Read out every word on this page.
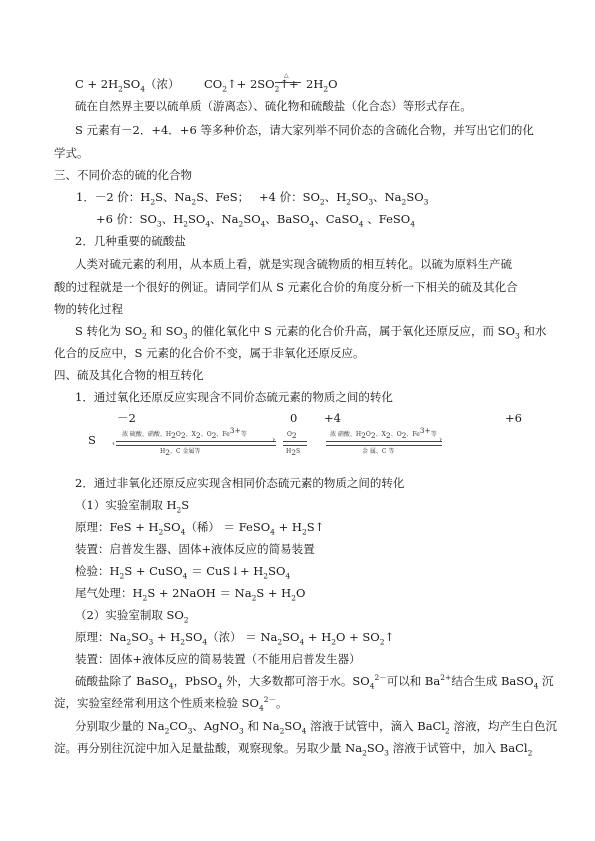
$C + 2H_2SO_4$（浓） $CO_2↑+$ $2SO_2↑+$
△
$2H_2O$
硫在自然界主要以硫单质（游离态）、硫化物和硫酸盐（化合态）等形式存在。
S 元素有－2．+4．+6 等多种价态，请大家列举不同价态的含硫化合物，并写出它们的化
学式。
三、不同价态的硫的化合物
1．－2 价：$H_2S$、$Na_2S$、FeS； +4 价：$SO_2$、$H_2SO_3$、$Na_2SO_3$
+6 价：$SO_3$、$H_2SO_4$、$Na_2SO_4$、BaSO$_4$、CaSO$_4$ 、FeSO$_4$
2．几种重要的硫酸盐
人类对硫元素的利用，从本质上看，就是实现含硫物质的相互转化。以硫为原料生产硫
酸的过程就是一个很好的例证。请同学们从 S 元素化合价的角度分析一下相关的硫及其化合
物的转化过程
S 转化为 $SO_2$ 和 $SO_3$ 的催化氧化中 S 元素的化合价升高，属于氧化还原反应，而 $SO_3$ 和水
化合的反应中，S 元素的化合价不变，属于非氧化还原反应。
四、硫及其化合物的相互转化
1．通过氧化还原反应实现含不同价态硫元素的物质之间的转化
－2	0 +4	+6
S	浓 硫酸、硝酸、$H_2O_2$、$X_2$、$O_2$、$Fe^{3+}$等
›
‹
$H_2$、C 金属等
$O_2$
$H_2S$
浓 硝酸、$H_2O_2$、$X_2$、$O_2$、$Fe^{3+}$等
›
金 属、C 等
2．通过非氧化还原反应实现含相同价态硫元素的物质之间的转化
（1）实验室制取 $H_2S$
原理：FeS + $H_2SO_4$（稀） ＝ FeSO$_4$ + $H_2S↑$
装置：启普发生器、固体+液体反应的简易装置
检验：$H_2S$ + CuSO$_4$ ＝ CuS↓+ $H_2SO_4$
尾气处理：$H_2S$ + 2NaOH ＝ $Na_2S + H_2O$
（2）实验室制取 $SO_2$
原理：$Na_2SO_3 + H_2SO_4$（浓） ＝ $Na_2SO_4 + H_2O$ + $SO_2↑$
装置：固体+液体反应的简易装置（不能用启普发生器）
硫酸盐除了 BaSO$_4$，PbSO$_4$ 外，大多数都可溶于水。$SO_4^{2-}$可以和 $Ba^{2+}$结合生成 BaSO$_4$ 沉
淀，实验室经常利用这个性质来检验 $SO_4^{2-}$。
分别取少量的 $Na_2CO_3$、AgNO$_3$ 和 $Na_2SO_4$ 溶液于试管中，滴入 BaCl$_2$ 溶液，均产生白色沉
淀。再分别往沉淀中加入足量盐酸，观察现象。另取少量 $Na_2SO_3$ 溶液于试管中，加入 BaCl$_2$
